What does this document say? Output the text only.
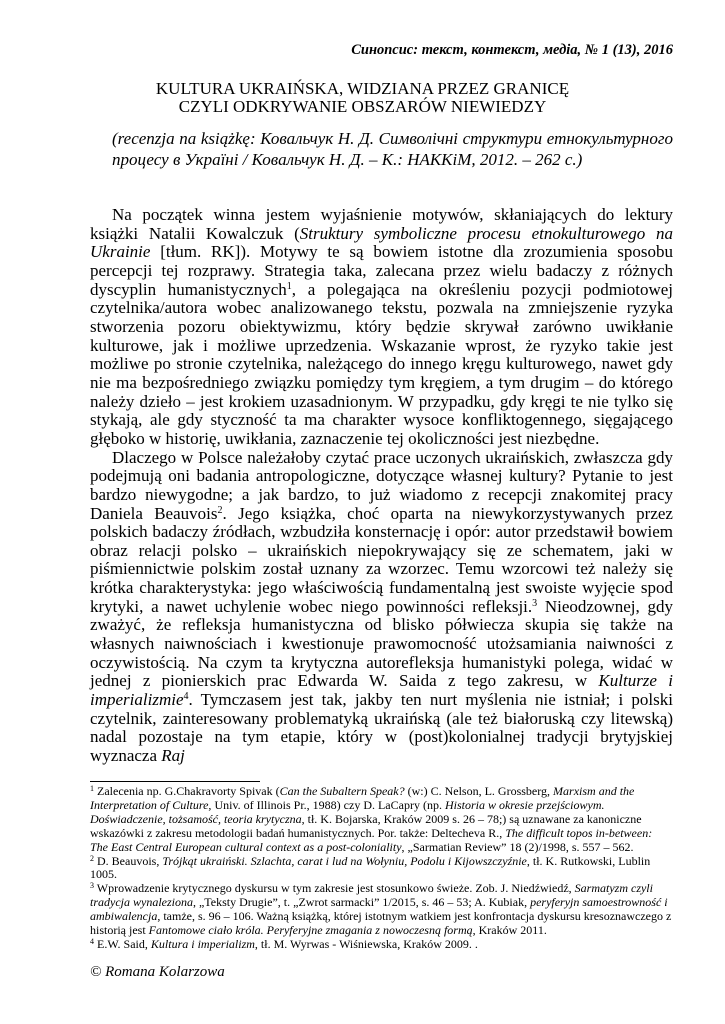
Синопсис: текст, контекст, медіа, № 1 (13), 2016
KULTURA UKRAIŃSKA, WIDZIANA PRZEZ GRANICĘ
CZYLI ODKRYWANIE OBSZARÓW NIEWIEDZY
(recenzja na książkę: Ковальчук Н. Д. Символічні структури етнокультурного процесу в Україні / Ковальчук Н. Д. – К.: НАККіМ, 2012. – 262 с.)

Na początek winna jestem wyjaśnienie motywów, skłaniających do lektury książki Natalii Kowalczuk (Struktury symboliczne procesu etnokulturowego na Ukrainie [tłum. RK]). Motywy te są bowiem istotne dla zrozumienia sposobu percepcji tej rozprawy. Strategia taka, zalecana przez wielu badaczy z różnych dyscyplin humanistycznych$^1$, a polegająca na określeniu pozycji podmiotowej czytelnika/autora wobec analizowanego tekstu, pozwala na zmniejszenie ryzyka stworzenia pozoru obiektywizmu, który będzie skrywał zarówno uwikłanie kulturowe, jak i możliwe uprzedzenia. Wskazanie wprost, że ryzyko takie jest możliwe po stronie czytelnika, należącego do innego kręgu kulturowego, nawet gdy nie ma bezpośredniego związku pomiędzy tym kręgiem, a tym drugim – do którego należy dzieło – jest krokiem uzasadnionym. W przypadku, gdy kręgi te nie tylko się stykają, ale gdy styczność ta ma charakter wysoce konfliktogennego, sięgającego głęboko w historię, uwikłania, zaznaczenie tej okoliczności jest niezbędne.

Dlaczego w Polsce należałoby czytać prace uczonych ukraińskich, zwłaszcza gdy podejmują oni badania antropologiczne, dotyczące własnej kultury? Pytanie to jest bardzo niewygodne; a jak bardzo, to już wiadomo z recepcji znakomitej pracy Daniela Beauvois$^2$. Jego książka, choć oparta na niewykorzystywanych przez polskich badaczy źródłach, wzbudziła konsternację i opór: autor przedstawił bowiem obraz relacji polsko – ukraińskich niepokrywający się ze schematem, jaki w piśmiennictwie polskim został uznany za wzorzec. Temu wzorcowi też należy się krótka charakterystyka: jego właściwością fundamentalną jest swoiste wyjęcie spod krytyki, a nawet uchylenie wobec niego powinności refleksji.$^3$ Nieodzownej, gdy zważyć, że refleksja humanistyczna od blisko półwiecza skupia się także na własnych naiwnościach i kwestionuje prawomocność utożsamiania naiwności z oczywistością. Na czym ta krytyczna autorefleksja humanistyki polega, widać w jednej z pionierskich prac Edwarda W. Saida z tego zakresu, w Kulturze i imperializmie$^4$. Tymczasem jest tak, jakby ten nurt myślenia nie istniał; i polski czytelnik, zainteresowany problematyką ukraińską (ale też białoruską czy litewską) nadal pozostaje na tym etapie, który w (post)kolonialnej tradycji brytyjskiej wyznacza Raj

$^1$ Zalecenia np. G.Chakravorty Spivak (Can the Subaltern Speak? (w:) C. Nelson, L. Grossberg, Marxism and the Interpretation of Culture, Univ. of Illinois Pr., 1988) czy D. LaCapry (np. Historia w okresie przejściowym. Doświadczenie, tożsamość, teoria krytyczna, tł. K. Bojarska, Kraków 2009 s. 26 – 78;) są uznawane za kanoniczne wskazówki z zakresu metodologii badań humanistycznych. Por. także: Deltecheva R., The difficult topos in-between: The East Central European cultural context as a post-coloniality, „Sarmatian Review” 18 (2)/1998, s. 557 – 562.

$^2$ D. Beauvois, Trójkąt ukraiński. Szlachta, carat i lud na Wołyniu, Podolu i Kijowszczyźnie, tł. K. Rutkowski, Lublin 1005.

$^3$ Wprowadzenie krytycznego dyskursu w tym zakresie jest stosunkowo świeże. Zob. J. Niedźwiedź, Sarmatyzm czyli tradycja wynaleziona, „Teksty Drugie”, t. „Zwrot sarmacki” 1/2015, s. 46 – 53; A. Kubiak, peryferyjn samoestrowność i ambiwalencja, tamże, s. 96 – 106. Ważną książką, której istotnym watkiem jest konfrontacja dyskursu kresoznawczego z historią jest Fantomowe ciało króla. Peryferyjne zmagania z nowoczesną formą, Kraków 2011.

$^4$ E.W. Said, Kultura i imperializm, tł. M. Wyrwas - Wiśniewska, Kraków 2009. .

© Romana Kolarzowa
